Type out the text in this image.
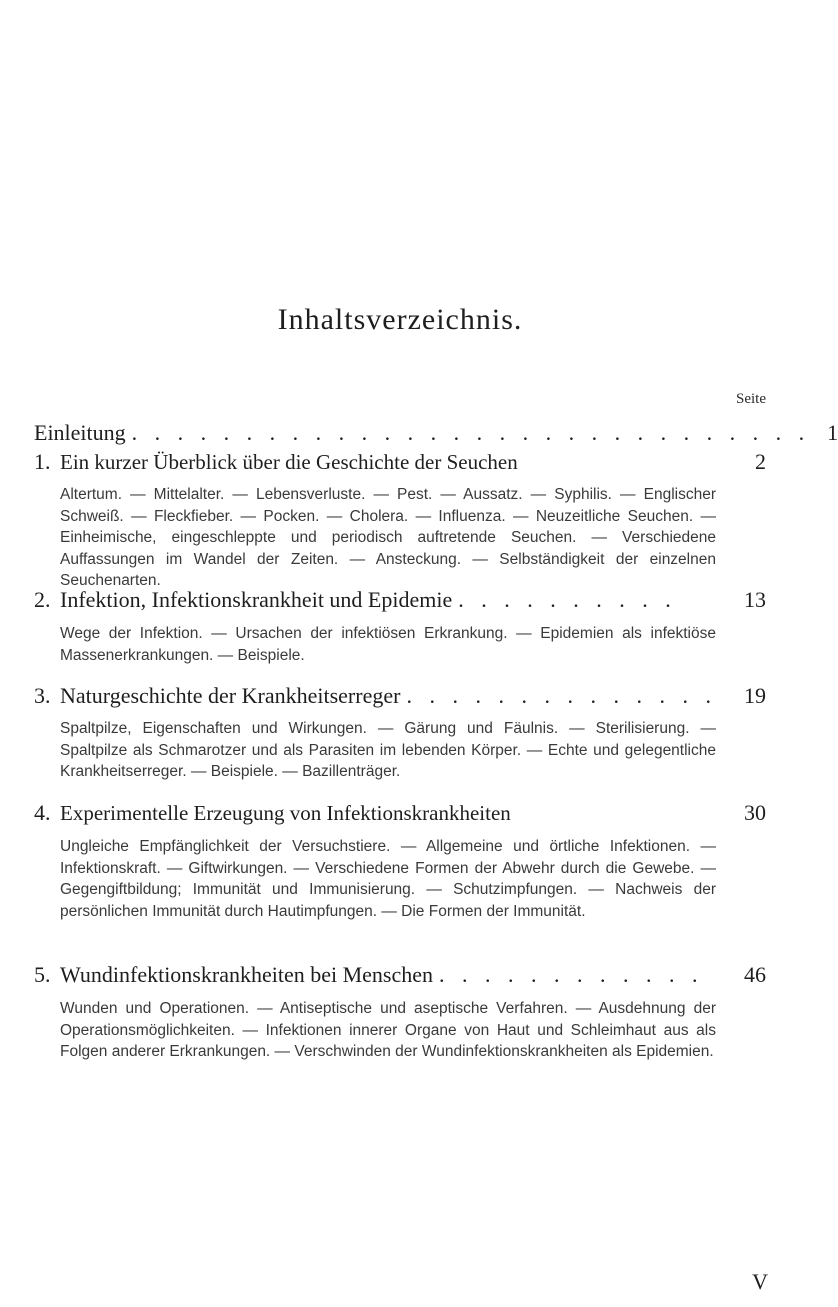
Inhaltsverzeichnis.
Seite
Einleitung . . . . . . . . . . . . . . . . . . . . . . . . . . . . . . 1
1. Ein kurzer Überblick über die Geschichte der Seuchen	2

Altertum. — Mittelalter. — Lebensverluste. — Pest. — Aussatz. — Syphilis. — Englischer Schweiß. — Fleckfieber. — Pocken. — Cholera. — Influenza. — Neuzeitliche Seuchen. — Einheimische, eingeschleppte und periodisch auftretende Seuchen. — Verschiedene Auffassungen im Wandel der Zeiten. — Ansteckung. — Selbständigkeit der einzelnen Seuchenarten.

2. Infektion, Infektionskrankheit und Epidemie . . . . . . . . . .	13

Wege der Infektion. — Ursachen der infektiösen Erkrankung. — Epidemien als infektiöse Massenerkrankungen. — Beispiele.

3. Naturgeschichte der Krankheitserreger . . . . . . . . . . . . . .	19

Spaltpilze, Eigenschaften und Wirkungen. — Gärung und Fäulnis. — Sterilisierung. — Spaltpilze als Schmarotzer und als Parasiten im lebenden Körper. — Echte und gelegentliche Krankheitserreger. — Beispiele. — Bazillenträger.

4. Experimentelle Erzeugung von Infektionskrankheiten	30

Ungleiche Empfänglichkeit der Versuchstiere. — Allgemeine und örtliche Infektionen. — Infektionskraft. — Giftwirkungen. — Verschiedene Formen der Abwehr durch die Gewebe. — Gegengiftbildung; Immunität und Immunisierung. — Schutzimpfungen. — Nachweis der persönlichen Immunität durch Hautimpfungen. — Die Formen der Immunität.

5. Wundinfektionskrankheiten bei Menschen . . . . . . . . . . . .	46

Wunden und Operationen. — Antiseptische und aseptische Verfahren. — Ausdehnung der Operationsmöglichkeiten. — Infektionen innerer Organe von Haut und Schleimhaut aus als Folgen anderer Erkrankungen. — Verschwinden der Wundinfektionskrankheiten als Epidemien.

V
